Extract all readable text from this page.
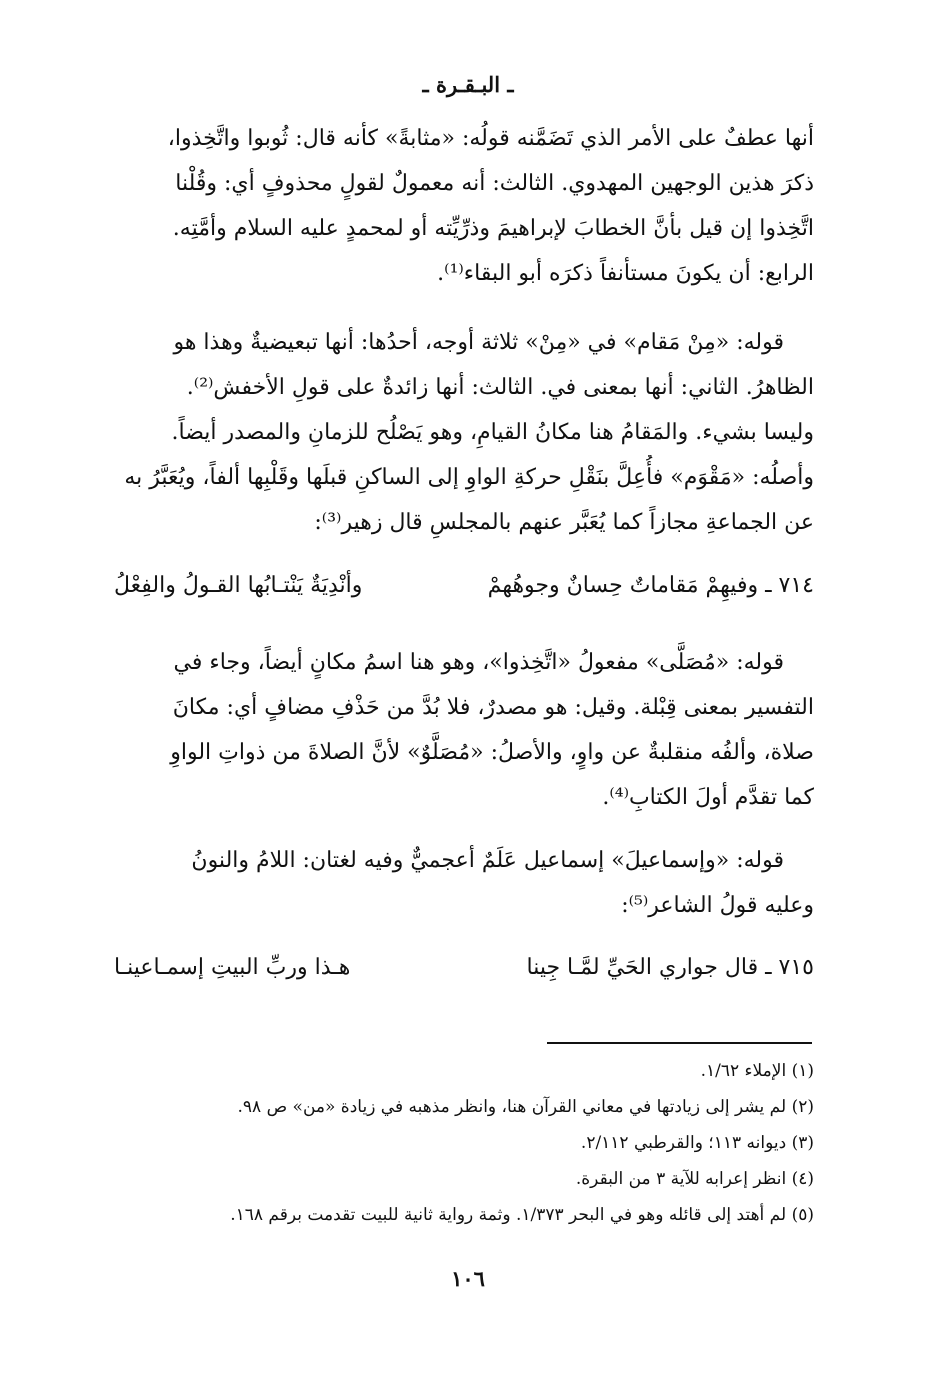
ـ البـقـرة ـ
أنها عطفٌ على الأمر الذي تَضَمَّنه قولُه: «مثابةً» كأنه قال: ثُوبوا واتَّخِذوا،
ذكرَ هذين الوجهين المهدوي. الثالث: أنه معمولٌ لقولٍ محذوفٍ أي: وقُلْنا
اتَّخِذوا إن قيل بأنَّ الخطابَ لإبراهيمَ وذرِّيِّته أو لمحمدٍ عليه السلام وأمَّتِه.
الرابع: أن يكونَ مستأنفاً ذكرَه أبو البقاء⁽¹⁾.
قوله: «مِنْ مَقام» في «مِنْ» ثلاثة أوجه، أحدُها: أنها تبعيضيةٌ وهذا هو
الظاهرُ. الثاني: أنها بمعنى في. الثالث: أنها زائدةٌ على قولِ الأخفش⁽²⁾.
وليسا بشيء. والمَقامُ هنا مكانُ القيامِ، وهو يَصْلُح للزمانِ والمصدر أيضاً.
وأصلُه: «مَقْوَم» فأُعِلَّ بنَقْلِ حركةِ الواوِ إلى الساكنِ قبلَها وقَلْبِها ألفاً، ويُعَبَّرُ به
عن الجماعةِ مجازاً كما يُعَبَّر عنهم بالمجلسِ قال زهير⁽³⁾:
٧١٤ ـ وفيهِمْ مَقاماتٌ حِسانٌ وجوهُهمْ
وأنْدِيَةٌ يَنْتـابُها القـولُ والفِعْلُ
قوله: «مُصَلَّى» مفعولُ «اتَّخِذوا»، وهو هنا اسمُ مكانٍ أيضاً، وجاء في
التفسير بمعنى قِبْلة. وقيل: هو مصدرٌ، فلا بُدَّ من حَذْفِ مضافٍ أي: مكانَ
صلاة، وألفُه منقلبةٌ عن واوٍ، والأصلُ: «مُصَلَّوٌ» لأنَّ الصلاةَ من ذواتِ الواوِ
كما تقدَّم أولَ الكتابِ⁽⁴⁾.
قوله: «وإسماعيلَ» إسماعيل عَلَمٌ أعجميٌّ وفيه لغتان: اللامُ والنونُ
وعليه قولُ الشاعر⁽⁵⁾:
٧١٥ ـ قال جواري الحَيِّ لمَّـا جِينا
هـذا وربِّ البيتِ إسمـاعينـا
(١) الإملاء ١/٦٢.
(٢) لم يشر إلى زيادتها في معاني القرآن هنا، وانظر مذهبه في زيادة «من» ص ٩٨.
(٣) ديوانه ١١٣؛ والقرطبي ٢/١١٢.
(٤) انظر إعرابه للآية ٣ من البقرة.
(٥) لم أهتد إلى قائله وهو في البحر ١/٣٧٣. وثمة رواية ثانية للبيت تقدمت برقم ١٦٨.
١٠٦
